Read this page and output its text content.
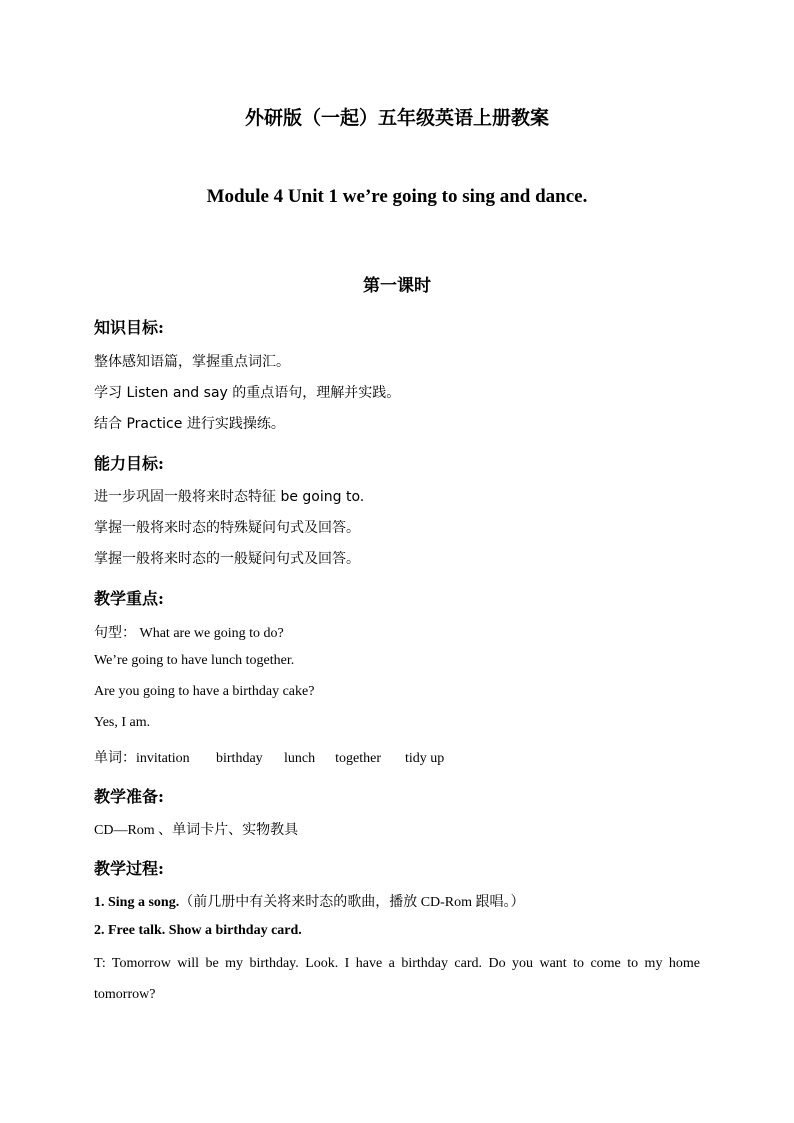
外研版（一起）五年级英语上册教案
Module 4 Unit 1 we’re going to sing and dance.
第一课时
知识目标:
整体感知语篇，掌握重点词汇。
学习 Listen and say 的重点语句，理解并实践。
结合 Practice 进行实践操练。
能力目标:
进一步巩固一般将来时态特征 be going to.
掌握一般将来时态的特殊疑问句式及回答。
掌握一般将来时态的一般疑问句式及回答。
教学重点:
句型： What are we going to do?
We’re going to have lunch together.
Are you going to have a birthday cake?
Yes, I am.
单词：invitation birthday lunch together tidy up
教学准备:
CD—Rom 、单词卡片、实物教具
教学过程:
1. Sing a song.（前几册中有关将来时态的歌曲，播放 CD-Rom 跟唱。）
2. Free talk. Show a birthday card.
T: Tomorrow will be my birthday. Look. I have a birthday card. Do you want to come to my home tomorrow?
